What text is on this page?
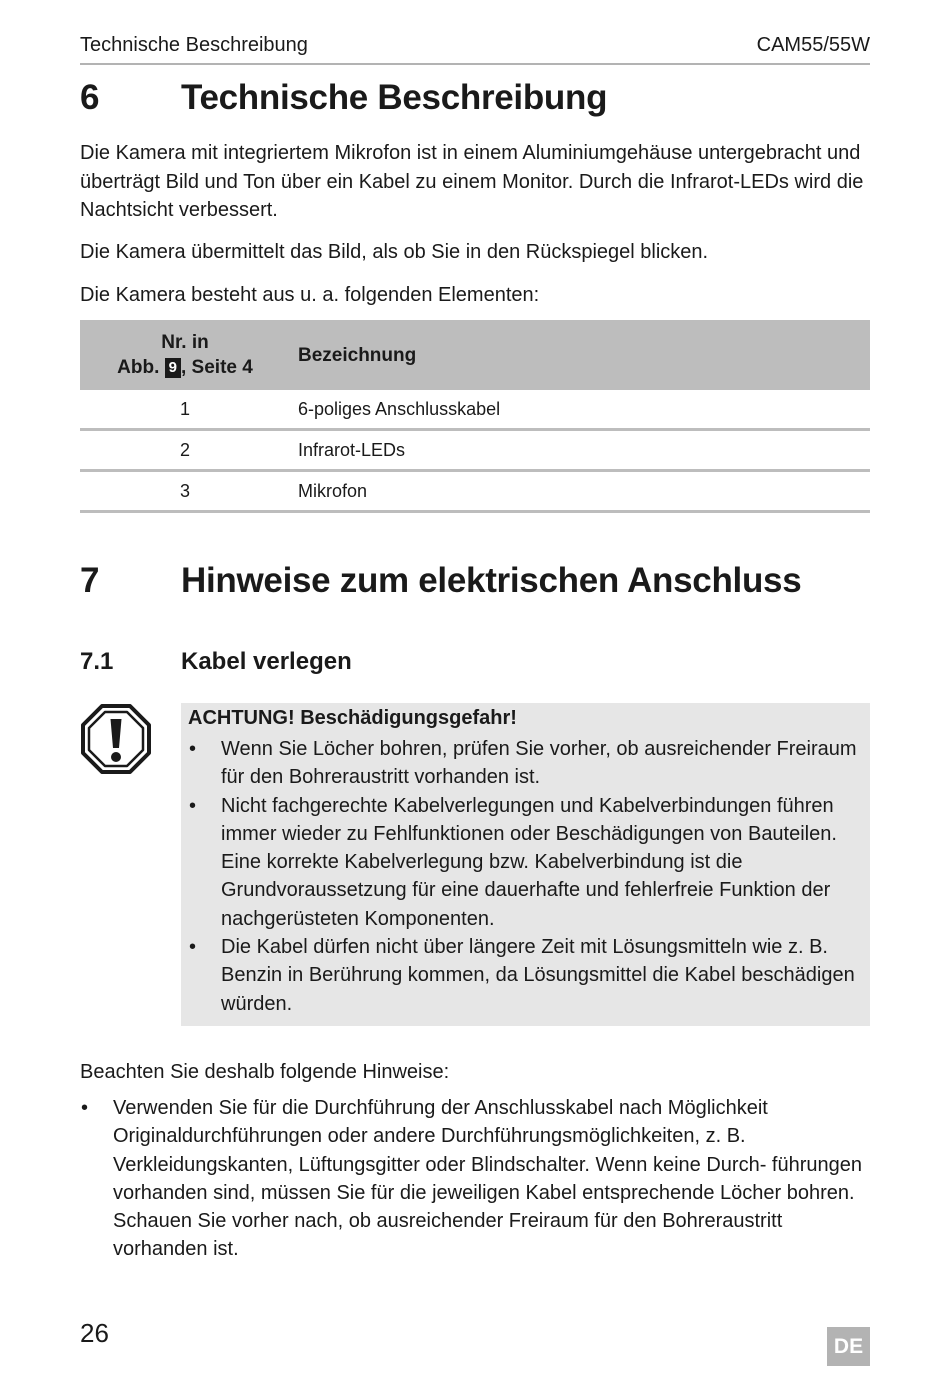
Technische Beschreibung	CAM55/55W
6 Technische Beschreibung
Die Kamera mit integriertem Mikrofon ist in einem Aluminiumgehäuse untergebracht und überträgt Bild und Ton über ein Kabel zu einem Monitor. Durch die Infrarot-LEDs wird die Nachtsicht verbessert.
Die Kamera übermittelt das Bild, als ob Sie in den Rückspiegel blicken.
Die Kamera besteht aus u. a. folgenden Elementen:
Nr. in
Abb. 9 , Seite 4	Bezeichnung
1	6-poliges Anschlusskabel
2	Infrarot-LEDs
3	Mikrofon
7 Hinweise zum elektrischen Anschluss
7.1	Kabel verlegen
ACHTUNG! Beschädigungsgefahr!
• Wenn Sie Löcher bohren, prüfen Sie vorher, ob ausreichender Freiraum für den Bohreraustritt vorhanden ist.
• Nicht fachgerechte Kabelverlegungen und Kabelverbindungen führen immer wieder zu Fehlfunktionen oder Beschädigungen von Bauteilen. Eine korrekte Kabelverlegung bzw. Kabelverbindung ist die Grundvoraussetzung für eine dauerhafte und fehlerfreie Funktion der nachgerüsteten Komponenten.
• Die Kabel dürfen nicht über längere Zeit mit Lösungsmitteln wie z. B. Benzin in Berührung kommen, da Lösungsmittel die Kabel beschädigen würden.
Beachten Sie deshalb folgende Hinweise:
• Verwenden Sie für die Durchführung der Anschlusskabel nach Möglichkeit Originaldurchführungen oder andere Durchführungsmöglichkeiten, z. B. Verkleidungskanten, Lüftungsgitter oder Blindschalter. Wenn keine Durch- führungen vorhanden sind, müssen Sie für die jeweiligen Kabel entsprechende Löcher bohren. Schauen Sie vorher nach, ob ausreichender Freiraum für den Bohreraustritt vorhanden ist.
26	DE
